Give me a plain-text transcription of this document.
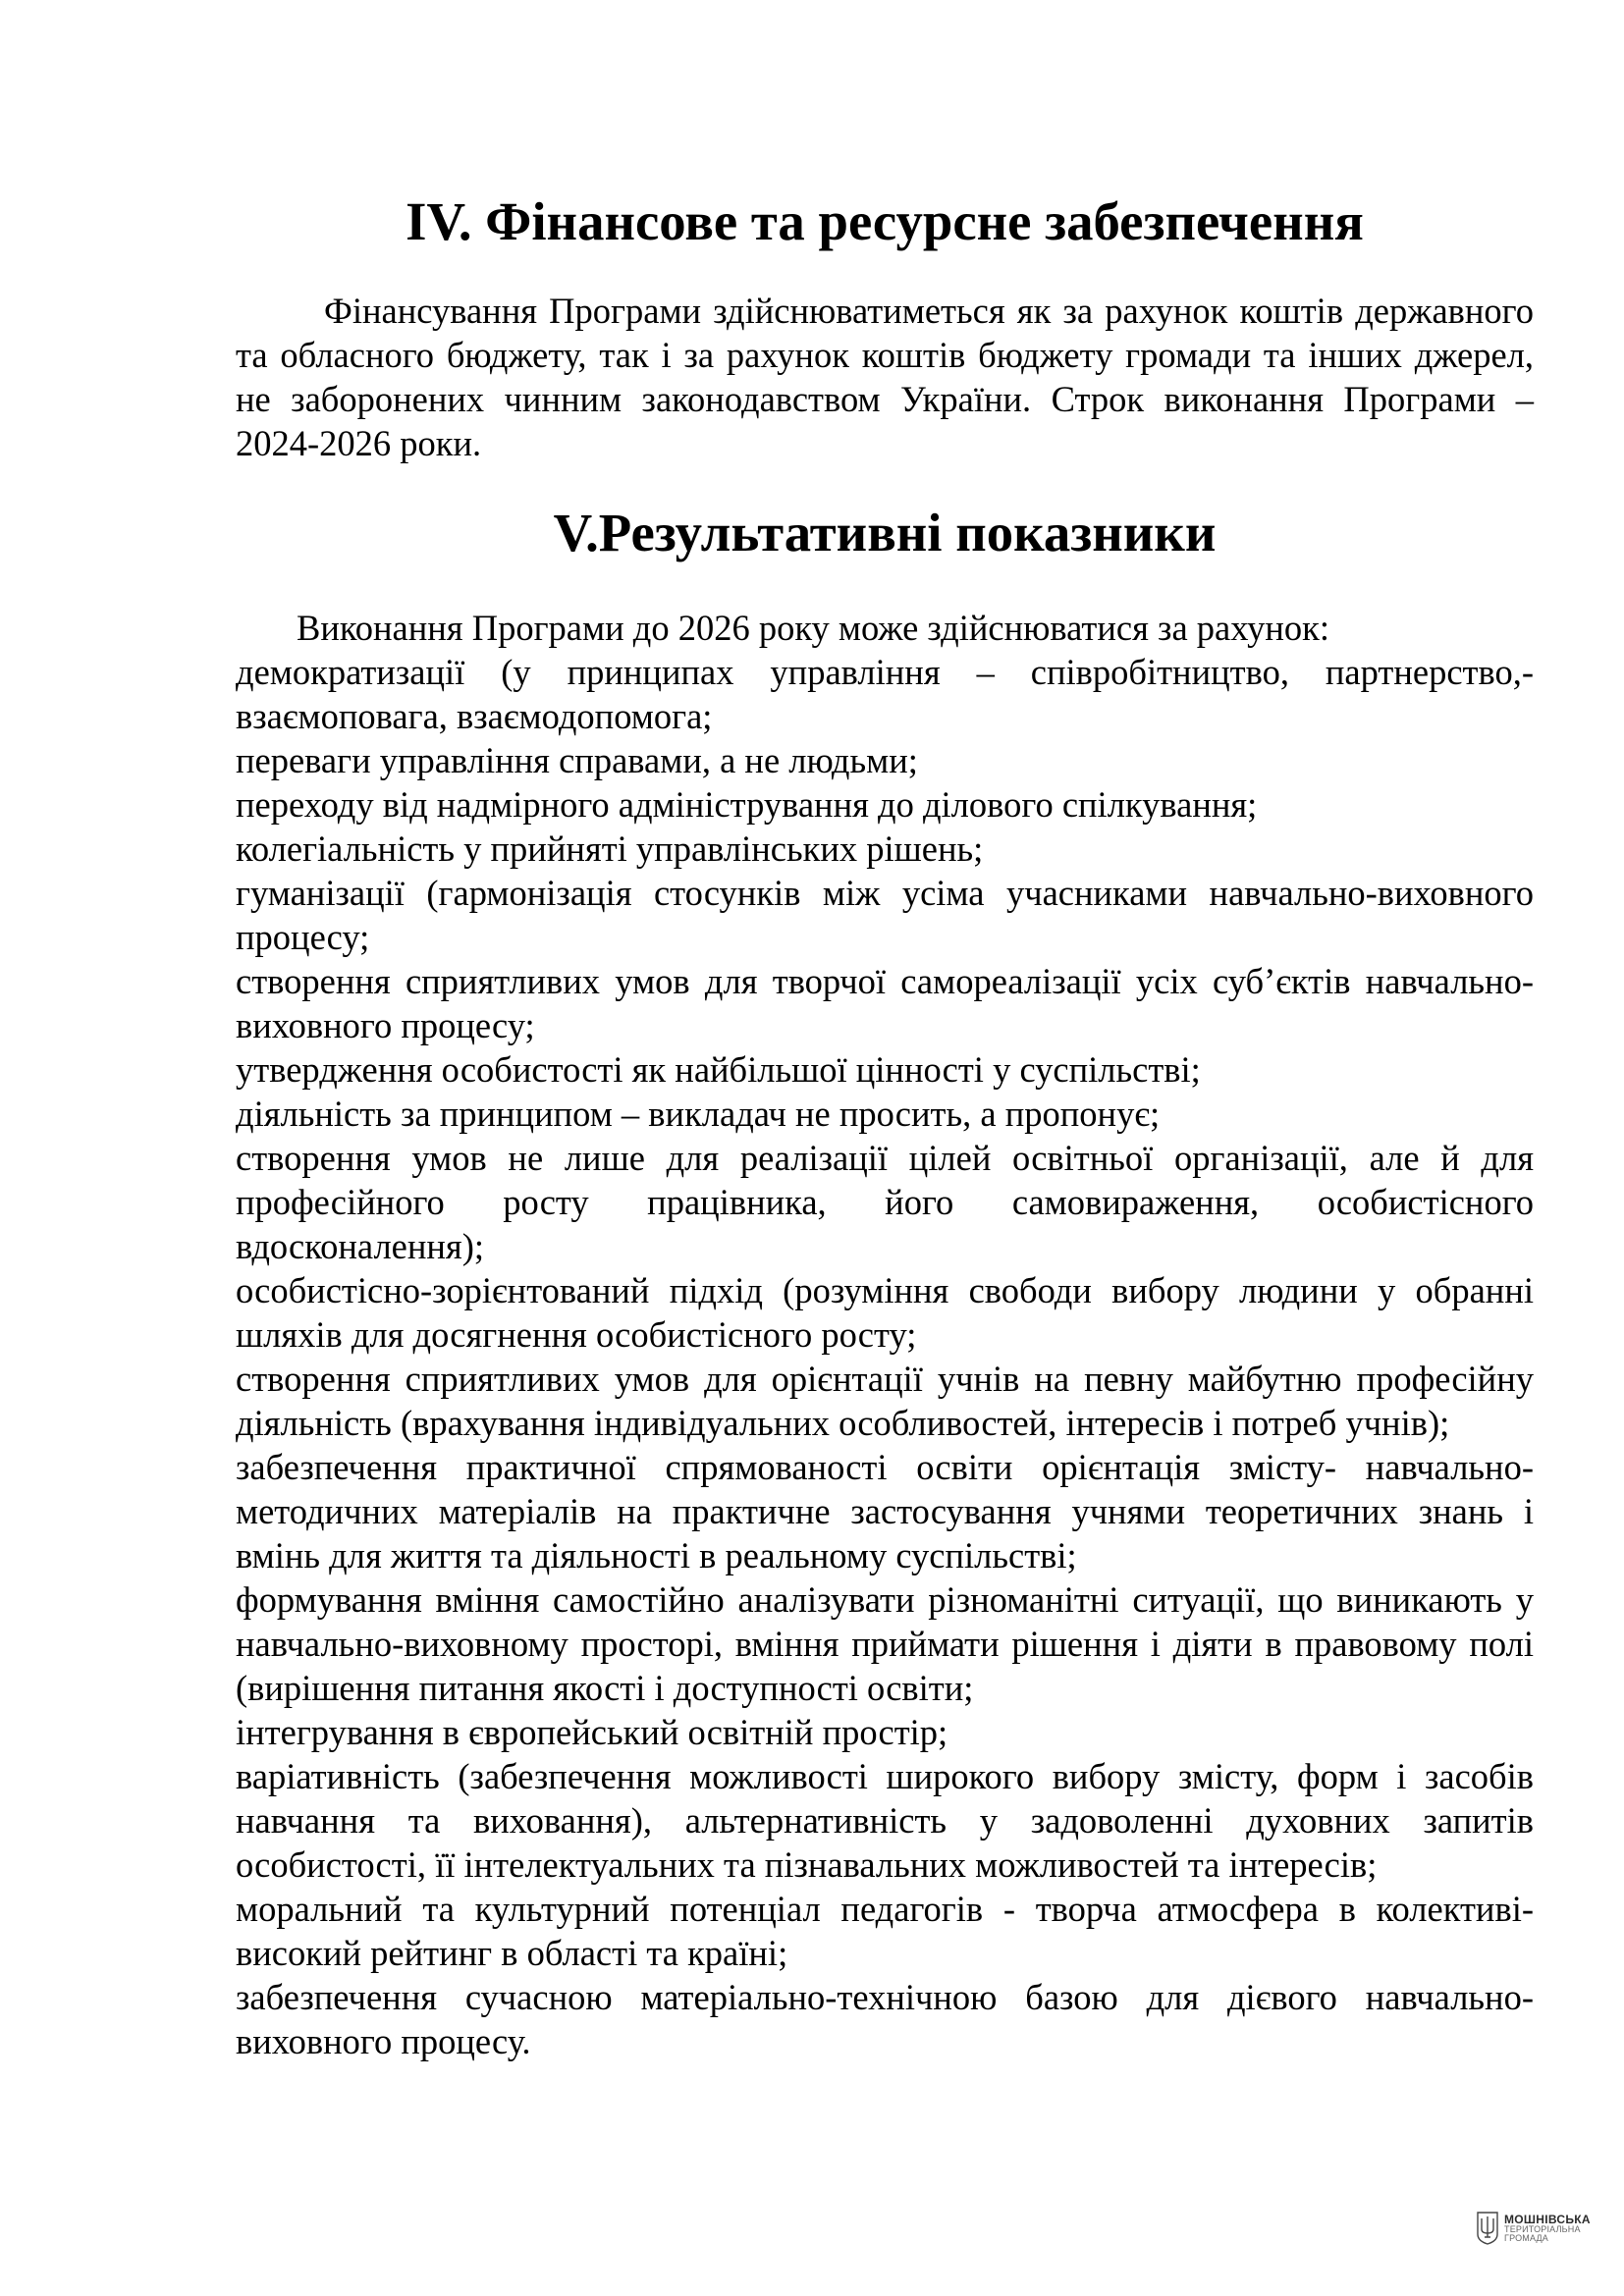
IV. Фінансове та ресурсне забезпечення

Фінансування Програми здійснюватиметься як за рахунок коштів державного та обласного бюджету, так і за рахунок коштів бюджету громади та інших джерел, не заборонених чинним законодавством України. Строк виконання Програми – 2024-2026 роки.

V.Результативні показники

Виконання Програми до 2026 року може здійснюватися за рахунок:

демократизації (у принципах управління – співробітництво, партнерство,- взаємоповага, взаємодопомога;
переваги управління справами, а не людьми;
переходу від надмірного адміністрування до ділового спілкування;
колегіальність у прийняті управлінських рішень;
гуманізації (гармонізація стосунків між усіма учасниками навчально-виховного процесу;
створення сприятливих умов для творчої самореалізації усіх суб’єктів навчально-виховного процесу;
утвердження особистості як найбільшої цінності у суспільстві;
діяльність за принципом – викладач не просить, а пропонує;
створення умов не лише для реалізації цілей освітньої організації, але й для професійного росту працівника, його самовираження, особистісного вдосконалення);
особистісно-зорієнтований підхід (розуміння свободи вибору людини у обранні шляхів для досягнення особистісного росту;
створення сприятливих умов для орієнтації учнів на певну майбутню професійну діяльність (врахування індивідуальних особливостей, інтересів і потреб учнів);
забезпечення практичної спрямованості освіти орієнтація змісту- навчально-методичних матеріалів на практичне застосування учнями теоретичних знань і вмінь для життя та діяльності в реальному суспільстві;
формування вміння самостійно аналізувати різноманітні ситуації, що виникають у навчально-виховному просторі, вміння приймати рішення і діяти в правовому полі (вирішення питання якості і доступності освіти;
інтегрування в європейський освітній простір;
варіативність (забезпечення можливості широкого вибору змісту, форм і засобів навчання та виховання), альтернативність у задоволенні духовних запитів особистості, її інтелектуальних та пізнавальних можливостей та інтересів;
моральний та культурний потенціал педагогів - творча атмосфера в колективі- високий рейтинг в області та країні;
забезпечення сучасною матеріально-технічною базою для дієвого навчально-виховного процесу.
МОШНІВСЬКА
ТЕРИТОРІАЛЬНА
ГРОМАДА
